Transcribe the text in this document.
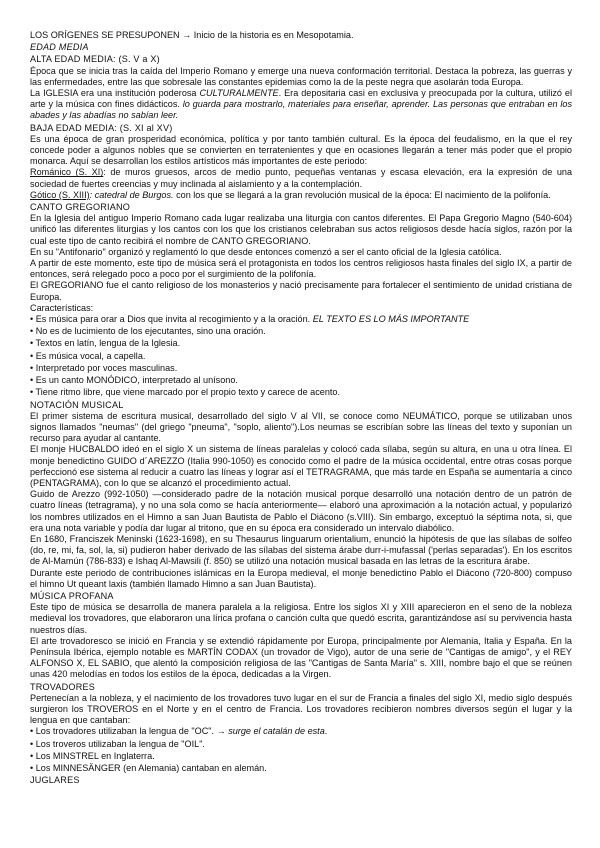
LOS ORÍGENES SE PRESUPONEN → Inicio de la historia es en Mesopotamia.

EDAD MEDIA

ALTA EDAD MEDIA: (S. V a X)

Época que se inicia tras la caída del Imperio Romano y emerge una nueva conformación territorial. Destaca la pobreza, las guerras y las enfermedades, entre las que sobresale las constantes epidemias como la de la peste negra que asolarán toda Europa.

La IGLESIA era una institución poderosa CULTURALMENTE. Era depositaria casi en exclusiva y preocupada por la cultura, utilizó el arte y la música con fines didácticos. lo guarda para mostrarlo, materiales para enseñar, aprender. Las personas que entraban en los abades y las abadías no sabían leer.

BAJA EDAD MEDIA: (S. XI al XV)

Es una época de gran prosperidad económica, política y por tanto también cultural. Es la época del feudalismo, en la que el rey concede poder a algunos nobles que se convierten en terratenientes y que en ocasiones llegarán a tener más poder que el propio monarca. Aquí se desarrollan los estilos artísticos más importantes de este periodo:

Románico (S. XI): de muros gruesos, arcos de medio punto, pequeñas ventanas y escasa elevación, era la expresión de una sociedad de fuertes creencias y muy inclinada al aislamiento y a la contemplación.

Gótico (S. XIII): catedral de Burgos. con los que se llegará a la gran revolución musical de la época: El nacimiento de la polifonía.

CANTO GREGORIANO

En la Iglesia del antiguo Imperio Romano cada lugar realizaba una liturgia con cantos diferentes. El Papa Gregorio Magno (540-604) unificó las diferentes liturgias y los cantos con los que los cristianos celebraban sus actos religiosos desde hacía siglos, razón por la cual este tipo de canto recibirá el nombre de CANTO GREGORIANO.

En su "Antifonario" organizó y reglamentó lo que desde entonces comenzó a ser el canto oficial de la Iglesia católica.

A partir de este momento, este tipo de música será el protagonista en todos los centros religiosos hasta finales del siglo IX, a partir de entonces, será relegado poco a poco por el surgimiento de la polifonía.

El GREGORIANO fue el canto religioso de los monasterios y nació precisamente para fortalecer el sentimiento de unidad cristiana de Europa.

Características:

• Es música para orar a Dios que invita al recogimiento y a la oración. EL TEXTO ES LO MÁS IMPORTANTE
• No es de lucimiento de los ejecutantes, sino una oración.
• Textos en latín, lengua de la Iglesia.
• Es música vocal, a capella.
• Interpretado por voces masculinas.
• Es un canto MONÓDICO, interpretado al unísono.
• Tiene ritmo libre, que viene marcado por el propio texto y carece de acento.

NOTACIÓN MUSICAL

El primer sistema de escritura musical, desarrollado del siglo V al VII, se conoce como NEUMÁTICO, porque se utilizaban unos signos llamados "neumas" (del griego "pneuma", "soplo, aliento").Los neumas se escribían sobre las líneas del texto y suponían un recurso para ayudar al cantante.

El monje HUCBALDO ideó en el siglo X un sistema de líneas paralelas y colocó cada sílaba, según su altura, en una u otra línea. El monje benedictino GUIDO d´AREZZO (Italia 990-1050) es conocido como el padre de la música occidental, entre otras cosas porque perfeccionó ese sistema al reducir a cuatro las líneas y lograr así el TETRAGRAMA, que más tarde en España se aumentaría a cinco (PENTAGRAMA), con lo que se alcanzó el procedimiento actual.

Guido de Arezzo (992-1050) —considerado padre de la notación musical porque desarrolló una notación dentro de un patrón de cuatro líneas (tetragrama), y no una sola como se hacía anteriormente— elaboró una aproximación a la notación actual, y popularizó los nombres utilizados en el Himno a san Juan Bautista de Pablo el Diácono (s.VIII). Sin embargo, exceptuó la séptima nota, si, que era una nota variable y podía dar lugar al tritono, que en su época era considerado un intervalo diabólico.

En 1680, Franciszek Meninski (1623-1698), en su Thesaurus linguarum orientalium, enunció la hipótesis de que las sílabas de solfeo (do, re, mi, fa, sol, la, si) pudieron haber derivado de las sílabas del sistema árabe durr-i-mufassal ('perlas separadas'). En los escritos de Al-Mamún (786-833) e Ishaq Al-Mawsili (f. 850) se utilizó una notación musical basada en las letras de la escritura árabe.

Durante este periodo de contribuciones islámicas en la Europa medieval, el monje benedictino Pablo el Diácono (720-800) compuso el himno Ut queant laxis (también llamado Himno a san Juan Bautista).

MÚSICA PROFANA

Este tipo de música se desarrolla de manera paralela a la religiosa. Entre los siglos XI y XIII aparecieron en el seno de la nobleza medieval los trovadores, que elaboraron una lírica profana o canción culta que quedó escrita, garantizándose así su pervivencia hasta nuestros días.

El arte trovadoresco se inició en Francia y se extendió rápidamente por Europa, principalmente por Alemania, Italia y España. En la Península Ibérica, ejemplo notable es MARTÍN CODAX (un trovador de Vigo), autor de una serie de "Cantigas de amigo", y el REY ALFONSO X, EL SABIO, que alentó la composición religiosa de las "Cantigas de Santa María" s. XIII, nombre bajo el que se reúnen unas 420 melodías en todos los estilos de la época, dedicadas a la Virgen.

TROVADORES

Pertenecían a la nobleza, y el nacimiento de los trovadores tuvo lugar en el sur de Francia a finales del siglo XI, medio siglo después surgieron los TROVEROS en el Norte y en el centro de Francia. Los trovadores recibieron nombres diversos según el lugar y la lengua en que cantaban:

• Los trovadores utilizaban la lengua de "OC". → surge el catalán de esta.
• Los troveros utilizaban la lengua de "OIL".
• Los MINSTREL en Inglaterra.
• Los MINNESÄNGER (en Alemania) cantaban en alemán.

JUGLARES
